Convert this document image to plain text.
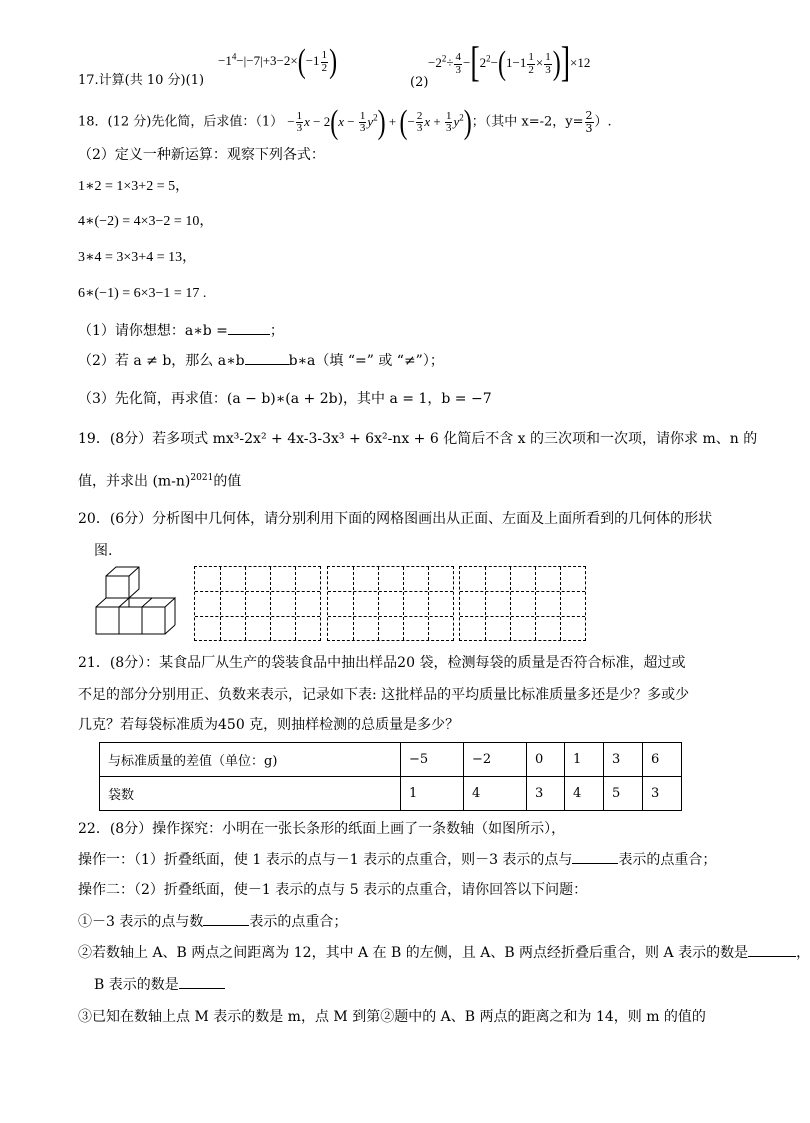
17.计算(共 10 分)(1)
$-1^4-|-7|+3-2\times(-1 \frac{1}{2}$ )
(2)
$-2^2\div \frac{4}{3} -[2^2-(1-1 \frac{1}{2} \times \frac{1}{3} )]\times 12$
18．(12 分)先化简，后求值：$(1) - \frac{1}{3}$ $x - 2(x - \frac{1}{3} y^2)$ + (− $\frac{2}{3}$ $x + \frac{1}{3} y^2$)；（其中 x=-2，$y= \frac{2}{3}$ ）.
（2）定义一种新运算：观察下列各式：
1∗2 = 1×3+2 = 5，
4∗(−2) = 4×3−2 = 10，
3∗4 = 3×3+4 = 13，
6∗(−1) = 6×3−1 = 17 .
（1）请你想想：a∗b =	；
（2）若 a ≠ b，那么 a∗b	b∗a（填 “=” 或 “≠”）；
（3）先化简，再求值：(a − b)∗(a + 2b)，其中 a = 1，b = −7
19．(8分）若多项式 mx³-2x² + 4x-3-3x³ + 6x²-nx + 6 化简后不含 x 的三次项和一次项，请你求 m、n 的
值，并求出 $(m-n)^{2021}$的值
20．(6分）分析图中几何体，请分别利用下面的网格图画出从正面、左面及上面所看到的几何体的形状
图.
21．(8分）：某食品厂从生产的袋装食品中抽出样品20 袋，检测每袋的质量是否符合标准，超过或
不足的部分分别用正、负数来表示，记录如下表: 这批样品的平均质量比标准质量多还是少？多或少
几克？若每袋标准质为450 克，则抽样检测的总质量是多少？
与标准质量的差值（单位：g)	−5	−2	0	1	3	6
袋数	1	4	3	4	5	3
22．(8分）操作探究：小明在一张长条形的纸面上画了一条数轴（如图所示），
操作一：（1）折叠纸面，使 1 表示的点与－1 表示的点重合，则－3 表示的点与	表示的点重合；
操作二：（2）折叠纸面，使－1 表示的点与 5 表示的点重合，请你回答以下问题：
①－3 表示的点与数	表示的点重合；
②若数轴上 A、B 两点之间距离为 12，其中 A 在 B 的左侧，且 A、B 两点经折叠后重合，则 A 表示的数是	，
B 表示的数是
③已知在数轴上点 M 表示的数是 m，点 M 到第②题中的 A、B 两点的距离之和为 14，则 m 的值的
